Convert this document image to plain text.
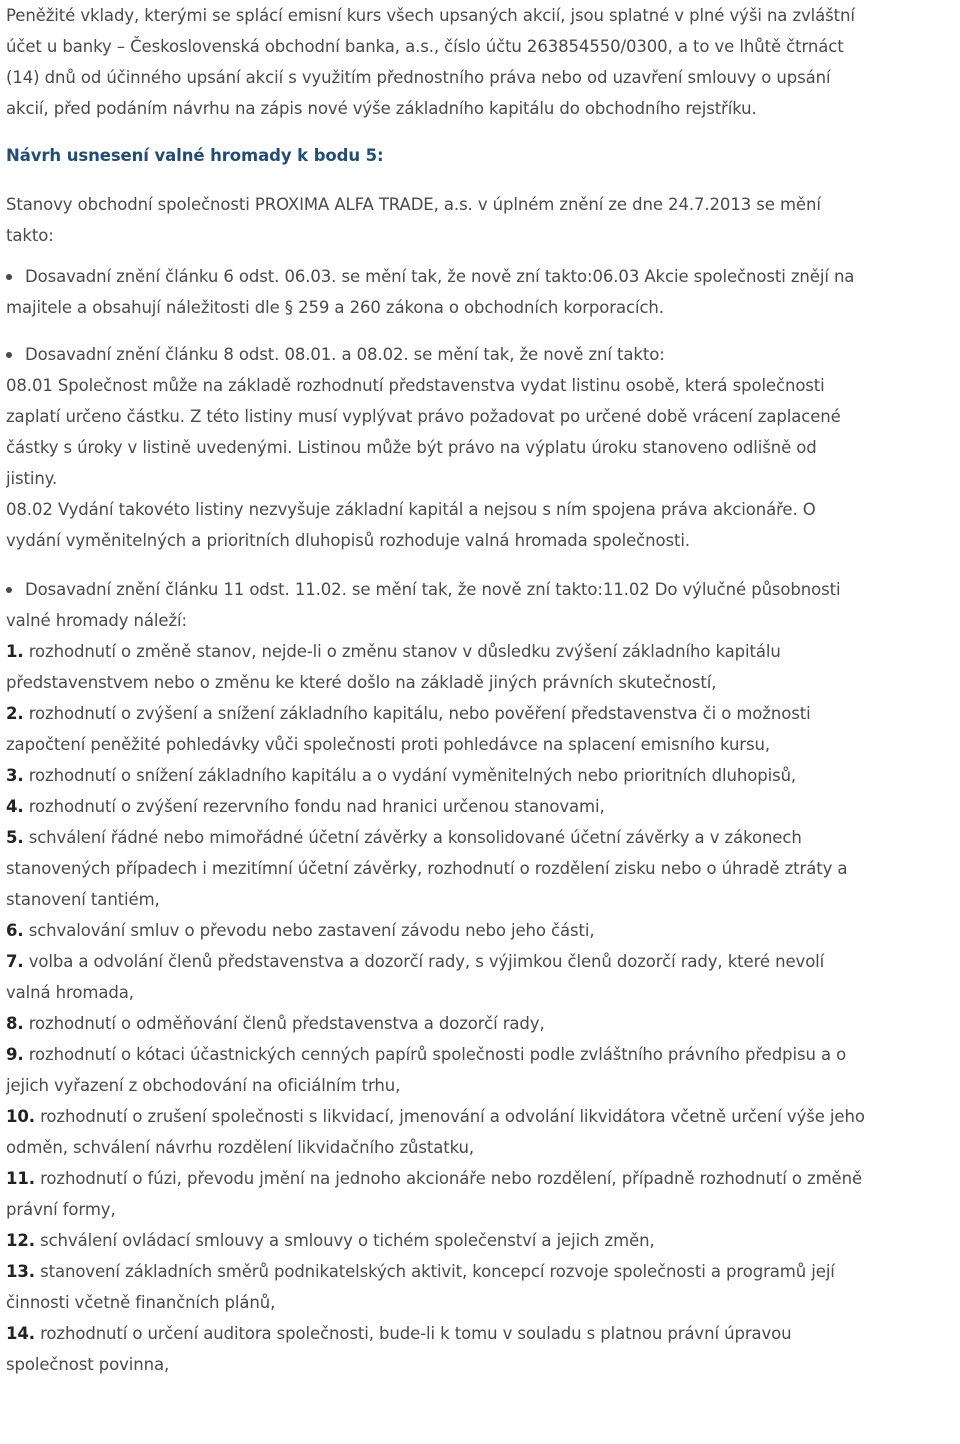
Peněžité vklady, kterými se splácí emisní kurs všech upsaných akcií, jsou splatné v plné výši na zvláštní
účet u banky – Československá obchodní banka, a.s., číslo účtu 263854550/0300, a to ve lhůtě čtrnáct
(14) dnů od účinného upsání akcií s využitím přednostního práva nebo od uzavření smlouvy o upsání
akcií, před podáním návrhu na zápis nové výše základního kapitálu do obchodního rejstříku.
Návrh usnesení valné hromady k bodu 5:
Stanovy obchodní společnosti PROXIMA ALFA TRADE, a.s. v úplném znění ze dne 24.7.2013 se mění
takto:
Dosavadní znění článku 6 odst. 06.03. se mění tak, že nově zní takto:06.03 Akcie společnosti znějí na
majitele a obsahují náležitosti dle § 259 a 260 zákona o obchodních korporacích.
Dosavadní znění článku 8 odst. 08.01. a 08.02. se mění tak, že nově zní takto:
08.01 Společnost může na základě rozhodnutí představenstva vydat listinu osobě, která společnosti
zaplatí určeno částku. Z této listiny musí vyplývat právo požadovat po určené době vrácení zaplacené
částky s úroky v listině uvedenými. Listinou může být právo na výplatu úroku stanoveno odlišně od
jistiny.
08.02 Vydání takovéto listiny nezvyšuje základní kapitál a nejsou s ním spojena práva akcionáře. O
vydání vyměnitelných a prioritních dluhopisů rozhoduje valná hromada společnosti.
Dosavadní znění článku 11 odst. 11.02. se mění tak, že nově zní takto:11.02 Do výlučné působnosti
valné hromady náleží:
1. rozhodnutí o změně stanov, nejde-li o změnu stanov v důsledku zvýšení základního kapitálu
představenstvem nebo o změnu ke které došlo na základě jiných právních skutečností,
2. rozhodnutí o zvýšení a snížení základního kapitálu, nebo pověření představenstva či o možnosti
započtení peněžité pohledávky vůči společnosti proti pohledávce na splacení emisního kursu,
3. rozhodnutí o snížení základního kapitálu a o vydání vyměnitelných nebo prioritních dluhopisů,
4. rozhodnutí o zvýšení rezervního fondu nad hranici určenou stanovami,
5. schválení řádné nebo mimořádné účetní závěrky a konsolidované účetní závěrky a v zákonech
stanovených případech i mezitímní účetní závěrky, rozhodnutí o rozdělení zisku nebo o úhradě ztráty a
stanovení tantiém,
6. schvalování smluv o převodu nebo zastavení závodu nebo jeho části,
7. volba a odvolání členů představenstva a dozorčí rady, s výjimkou členů dozorčí rady, které nevolí
valná hromada,
8. rozhodnutí o odměňování členů představenstva a dozorčí rady,
9. rozhodnutí o kótaci účastnických cenných papírů společnosti podle zvláštního právního předpisu a o
jejich vyřazení z obchodování na oficiálním trhu,
10. rozhodnutí o zrušení společnosti s likvidací, jmenování a odvolání likvidátora včetně určení výše jeho
odměn, schválení návrhu rozdělení likvidačního zůstatku,
11. rozhodnutí o fúzi, převodu jmění na jednoho akcionáře nebo rozdělení, případně rozhodnutí o změně
právní formy,
12. schválení ovládací smlouvy a smlouvy o tichém společenství a jejich změn,
13. stanovení základních směrů podnikatelských aktivit, koncepcí rozvoje společnosti a programů její
činnosti včetně finančních plánů,
14. rozhodnutí o určení auditora společnosti, bude-li k tomu v souladu s platnou právní úpravou
společnost povinna,
